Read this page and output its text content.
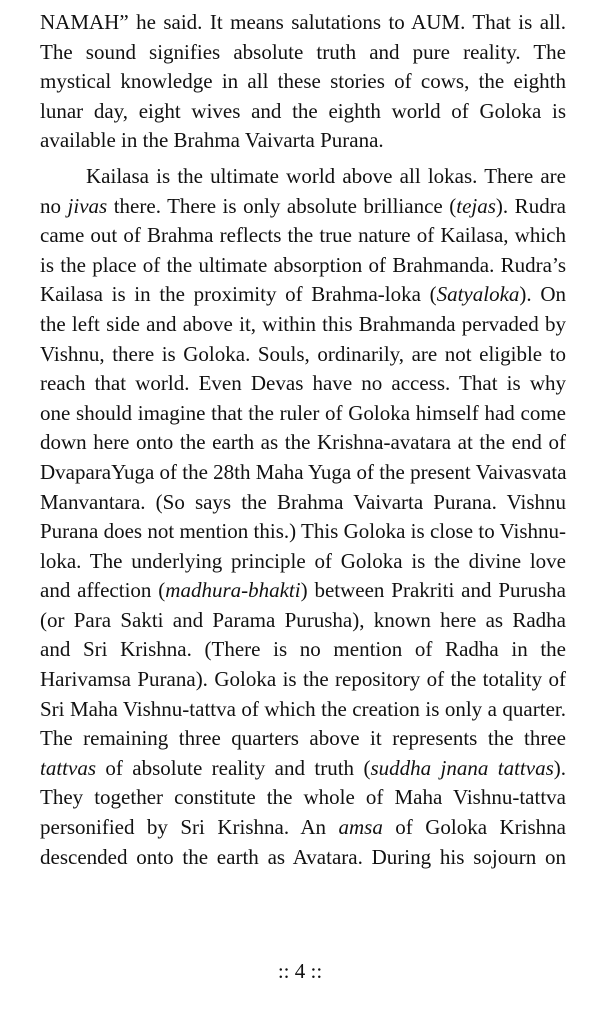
NAMAH” he said. It means salutations to AUM. That is all.
The sound signifies absolute truth and pure reality. The
mystical knowledge in all these stories of cows, the eighth
lunar day, eight wives and the eighth world of Goloka is
available in the Brahma Vaivarta Purana.
Kailasa is the ultimate world above all lokas. There are
no jivas there. There is only absolute brilliance (tejas). Rudra
came out of Brahma reflects the true nature of Kailasa, which
is the place of the ultimate absorption of Brahmanda. Rudra’s
Kailasa is in the proximity of Brahma-loka (Satyaloka). On
the left side and above it, within this Brahmanda pervaded by
Vishnu, there is Goloka. Souls, ordinarily, are not eligible to
reach that world. Even Devas have no access. That is why
one should imagine that the ruler of Goloka himself had come
down here onto the earth as the Krishna-avatara at the end of
DvaparaYuga of the 28th Maha Yuga of the present Vaivasvata
Manvantara. (So says the Brahma Vaivarta Purana. Vishnu
Purana does not mention this.) This Goloka is close to Vishnu-
loka. The underlying principle of Goloka is the divine love
and affection (madhura-bhakti) between Prakriti and Purusha
(or Para Sakti and Parama Purusha), known here as Radha
and Sri Krishna. (There is no mention of Radha in the
Harivamsa Purana). Goloka is the repository of the totality of
Sri Maha Vishnu-tattva of which the creation is only a quarter.
The remaining three quarters above it represents the three
tattvas of absolute reality and truth (suddha jnana tattvas).
They together constitute the whole of Maha Vishnu-tattva
personified by Sri Krishna. An amsa of Goloka Krishna
descended onto the earth as Avatara. During his sojourn on
:: 4 ::
